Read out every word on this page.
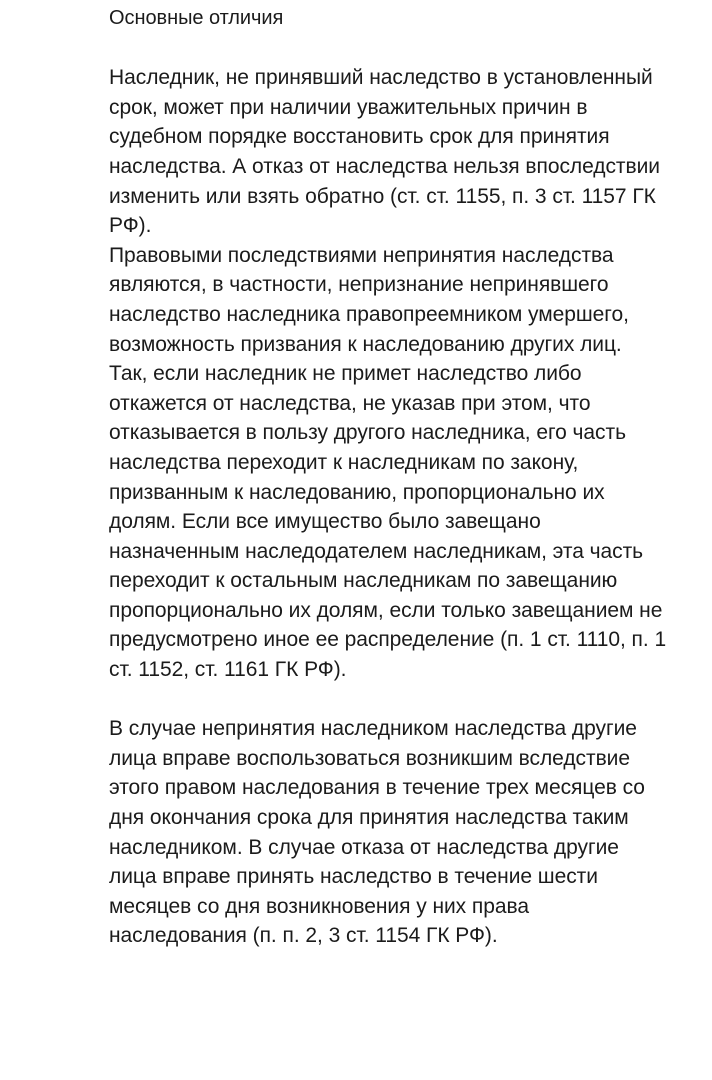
Основные отличия

Наследник, не принявший наследство в установленный срок, может при наличии уважительных причин в судебном порядке восстановить срок для принятия наследства. А отказ от наследства нельзя впоследствии изменить или взять обратно (ст. ст. 1155, п. 3 ст. 1157 ГК РФ).

Правовыми последствиями непринятия наследства являются, в частности, непризнание непринявшего наследство наследника правопреемником умершего, возможность призвания к наследованию других лиц.

Так, если наследник не примет наследство либо откажется от наследства, не указав при этом, что отказывается в пользу другого наследника, его часть наследства переходит к наследникам по закону, призванным к наследованию, пропорционально их долям. Если все имущество было завещано назначенным наследодателем наследникам, эта часть переходит к остальным наследникам по завещанию пропорционально их долям, если только завещанием не предусмотрено иное ее распределение (п. 1 ст. 1110, п. 1 ст. 1152, ст. 1161 ГК РФ).

В случае непринятия наследником наследства другие лица вправе воспользоваться возникшим вследствие этого правом наследования в течение трех месяцев со дня окончания срока для принятия наследства таким наследником. В случае отказа от наследства другие лица вправе принять наследство в течение шести месяцев со дня возникновения у них права наследования (п. п. 2, 3 ст. 1154 ГК РФ).
